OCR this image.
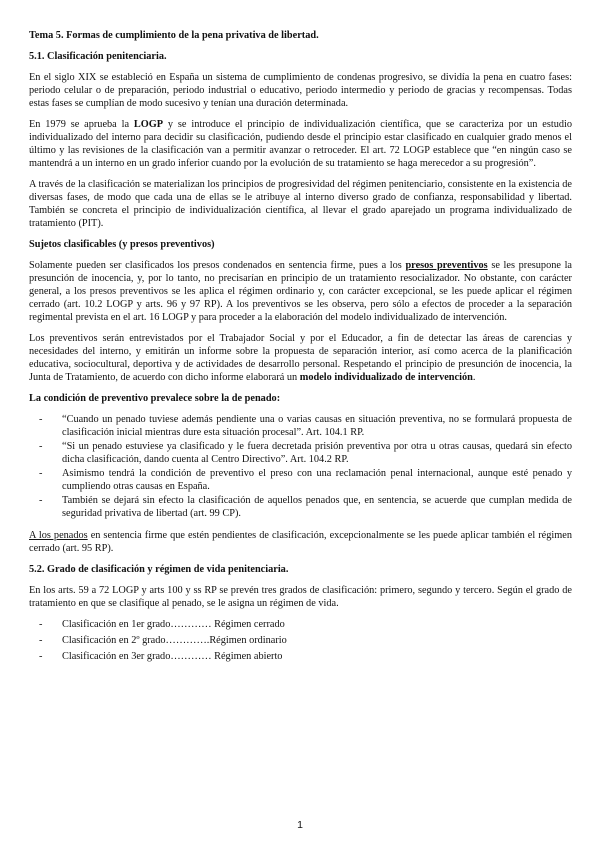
Tema 5. Formas de cumplimiento de la pena privativa de libertad.
5.1. Clasificación penitenciaria.

En el siglo XIX se estableció en España un sistema de cumplimiento de condenas progresivo, se dividía la pena en cuatro fases: periodo celular o de preparación, periodo industrial o educativo, periodo intermedio y periodo de gracias y recompensas. Todas estas fases se cumplían de modo sucesivo y tenían una duración determinada.

En 1979 se aprueba la LOGP y se introduce el principio de individualización científica, que se caracteriza por un estudio individualizado del interno para decidir su clasificación, pudiendo desde el principio estar clasificado en cualquier grado menos el último y las revisiones de la clasificación van a permitir avanzar o retroceder. El art. 72 LOGP establece que “en ningún caso se mantendrá a un interno en un grado inferior cuando por la evolución de su tratamiento se haga merecedor a su progresión”.

A través de la clasificación se materializan los principios de progresividad del régimen penitenciario, consistente en la existencia de diversas fases, de modo que cada una de ellas se le atribuye al interno diverso grado de confianza, responsabilidad y libertad. También se concreta el principio de individualización científica, al llevar el grado aparejado un programa individualizado de tratamiento (PIT).

Sujetos clasificables (y presos preventivos)

Solamente pueden ser clasificados los presos condenados en sentencia firme, pues a los presos preventivos se les presupone la presunción de inocencia, y, por lo tanto, no precisarían en principio de un tratamiento resocializador. No obstante, con carácter general, a los presos preventivos se les aplica el régimen ordinario y, con carácter excepcional, se les puede aplicar el régimen cerrado (art. 10.2 LOGP y arts. 96 y 97 RP). A los preventivos se les observa, pero sólo a efectos de proceder a la separación regimental prevista en el art. 16 LOGP y para proceder a la elaboración del modelo individualizado de intervención.

Los preventivos serán entrevistados por el Trabajador Social y por el Educador, a fin de detectar las áreas de carencias y necesidades del interno, y emitirán un informe sobre la propuesta de separación interior, así como acerca de la planificación educativa, sociocultural, deportiva y de actividades de desarrollo personal. Respetando el principio de presunción de inocencia, la Junta de Tratamiento, de acuerdo con dicho informe elaborará un modelo individualizado de intervención.

La condición de preventivo prevalece sobre la de penado:
- “Cuando un penado tuviese además pendiente una o varias causas en situación preventiva, no se formulará propuesta de clasificación inicial mientras dure esta situación procesal”. Art. 104.1 RP.
- “Si un penado estuviese ya clasificado y le fuera decretada prisión preventiva por otra u otras causas, quedará sin efecto dicha clasificación, dando cuenta al Centro Directivo”. Art. 104.2 RP.
- Asimismo tendrá la condición de preventivo el preso con una reclamación penal internacional, aunque esté penado y cumpliendo otras causas en España.
- También se dejará sin efecto la clasificación de aquellos penados que, en sentencia, se acuerde que cumplan medida de seguridad privativa de libertad (art. 99 CP).

A los penados en sentencia firme que estén pendientes de clasificación, excepcionalmente se les puede aplicar también el régimen cerrado (art. 95 RP).

5.2. Grado de clasificación y régimen de vida penitenciaria.

En los arts. 59 a 72 LOGP y arts 100 y ss RP se prevén tres grados de clasificación: primero, segundo y tercero. Según el grado de tratamiento en que se clasifique al penado, se le asigna un régimen de vida.

- Clasificación en 1er grado………… Régimen cerrado
- Clasificación en 2º grado………….Régimen ordinario
- Clasificación en 3er grado………… Régimen abierto
1
